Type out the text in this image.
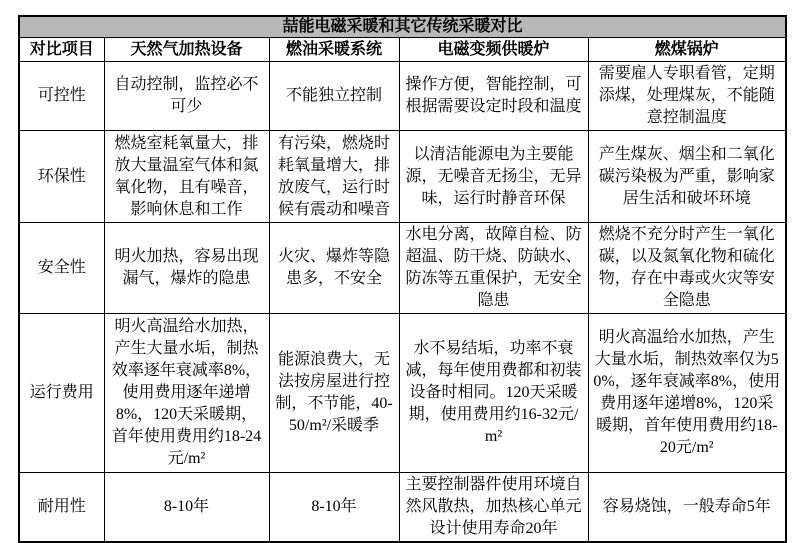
喆能电磁采暖和其它传统采暖对比				
对比项目	天然气加热设备	燃油采暖系统	电磁变频供暖炉	燃煤锅炉
可控性	自动控制，监控必不可少	不能独立控制	操作方便，智能控制，可根据需要设定时段和温度	需要雇人专职看管，定期添煤，处理煤灰，不能随意控制温度
环保性	燃烧室耗氧量大，排放大量温室气体和氮氧化物，且有噪音，影响休息和工作	有污染，燃烧时耗氧量增大，排放废气，运行时候有震动和噪音	以清洁能源电为主要能源，无噪音无扬尘，无异味，运行时静音环保	产生煤灰、烟尘和二氧化碳污染极为严重，影响家居生活和破坏环境
安全性	明火加热，容易出现漏气，爆炸的隐患	火灾、爆炸等隐患多，不安全	水电分离，故障自检、防超温、防干烧、防缺水、防冻等五重保护，无安全隐患	燃烧不充分时产生一氧化碳，以及氮氧化物和硫化物，存在中毒或火灾等安全隐患
运行费用	明火高温给水加热，产生大量水垢，制热效率逐年衰减率8%，使用费用逐年递增8%，120天采暖期，首年使用费用约18-24元/m²	能源浪费大，无法按房屋进行控制，不节能，40-50/m²/采暖季	水不易结垢，功率不衰减，每年使用费都和初装设备时相同。120天采暖期，使用费用约16-32元/m²	明火高温给水加热，产生大量水垢，制热效率仅为50%，逐年衰减率8%，使用费用逐年递增8%，120采暖期，首年使用费用约18-20元/m²
耐用性	8-10年	8-10年	主要控制器件使用环境自然风散热，加热核心单元设计使用寿命20年	容易烧蚀，一般寿命5年
